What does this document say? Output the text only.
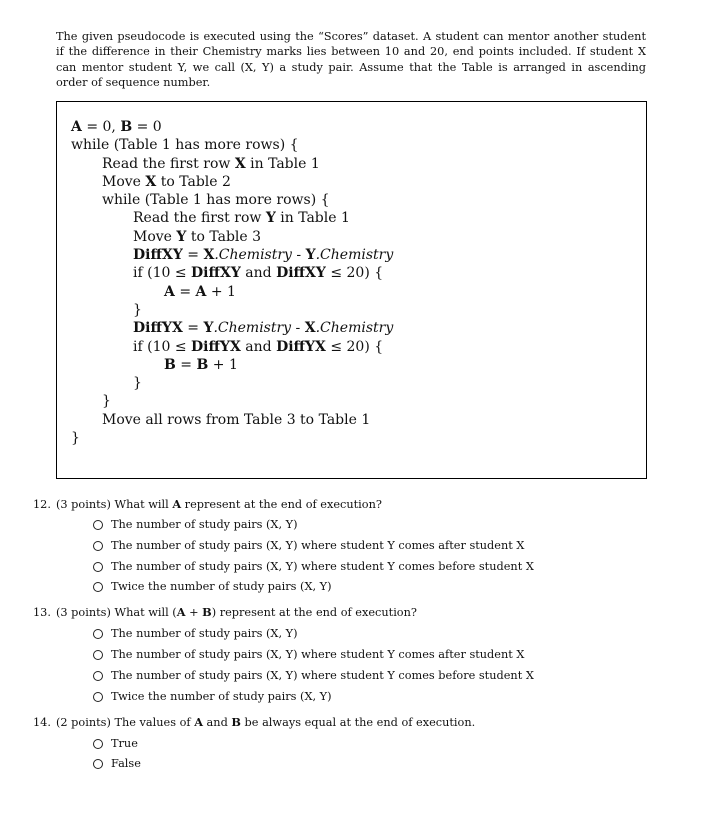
The given pseudocode is executed using the “Scores” dataset. A student can mentor another student if the difference in their Chemistry marks lies between 10 and 20, end points included. If student X can mentor student Y, we call (X, Y) a study pair. Assume that the Table is arranged in ascending order of sequence number.

A = 0, B = 0
while (Table 1 has more rows) {
Read the first row X in Table 1
Move X to Table 2
while (Table 1 has more rows) {
Read the first row Y in Table 1
Move Y to Table 3
DiffXY = X.Chemistry - Y.Chemistry
if (10 ≤ DiffXY and DiffXY ≤ 20) {
A = A + 1
}
DiffYX = Y.Chemistry - X.Chemistry
if (10 ≤ DiffYX and DiffYX ≤ 20) {
B = B + 1
}
}
Move all rows from Table 3 to Table 1
}
12. (3 points) What will A represent at the end of execution?
The number of study pairs (X, Y)
The number of study pairs (X, Y) where student Y comes after student X
The number of study pairs (X, Y) where student Y comes before student X
Twice the number of study pairs (X, Y)
13. (3 points) What will (A + B) represent at the end of execution?
The number of study pairs (X, Y)
The number of study pairs (X, Y) where student Y comes after student X
The number of study pairs (X, Y) where student Y comes before student X
Twice the number of study pairs (X, Y)
14. (2 points) The values of A and B be always equal at the end of execution.
True
False
